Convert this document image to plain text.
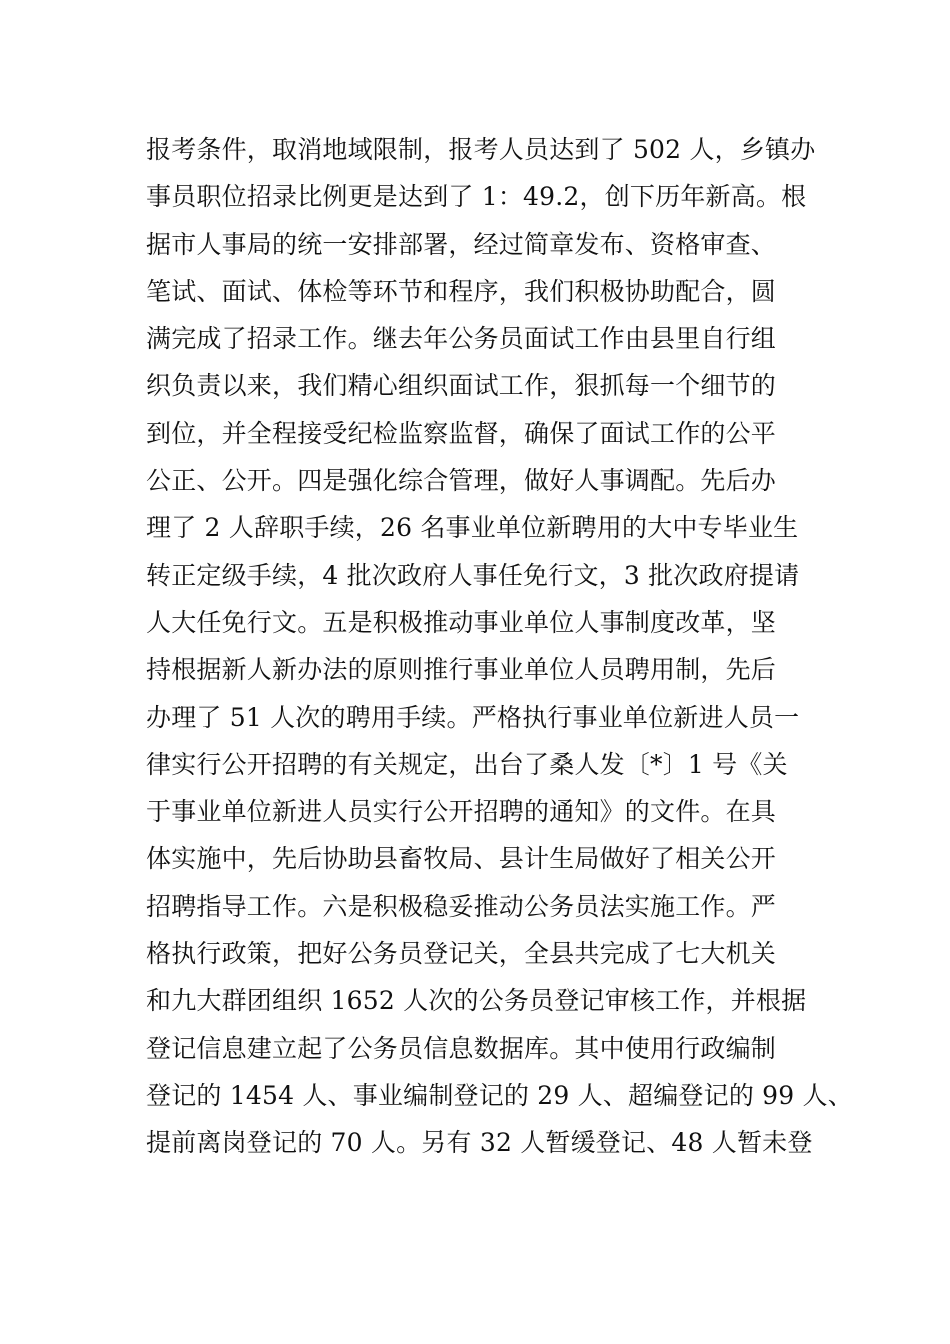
报考条件，取消地域限制，报考人员达到了 502 人，乡镇办
事员职位招录比例更是达到了 1：49.2，创下历年新高。根
据市人事局的统一安排部署，经过简章发布、资格审查、
笔试、面试、体检等环节和程序，我们积极协助配合，圆
满完成了招录工作。继去年公务员面试工作由县里自行组
织负责以来，我们精心组织面试工作，狠抓每一个细节的
到位，并全程接受纪检监察监督，确保了面试工作的公平
公正、公开。四是强化综合管理，做好人事调配。先后办
理了 2 人辞职手续，26 名事业单位新聘用的大中专毕业生
转正定级手续，4 批次政府人事任免行文，3 批次政府提请
人大任免行文。五是积极推动事业单位人事制度改革，坚
持根据新人新办法的原则推行事业单位人员聘用制，先后
办理了 51 人次的聘用手续。严格执行事业单位新进人员一
律实行公开招聘的有关规定，出台了桑人发〔*〕1 号《关
于事业单位新进人员实行公开招聘的通知》的文件。在具
体实施中，先后协助县畜牧局、县计生局做好了相关公开
招聘指导工作。六是积极稳妥推动公务员法实施工作。严
格执行政策，把好公务员登记关，全县共完成了七大机关
和九大群团组织 1652 人次的公务员登记审核工作，并根据
登记信息建立起了公务员信息数据库。其中使用行政编制
登记的 1454 人、事业编制登记的 29 人、超编登记的 99 人、
提前离岗登记的 70 人。另有 32 人暂缓登记、48 人暂未登
